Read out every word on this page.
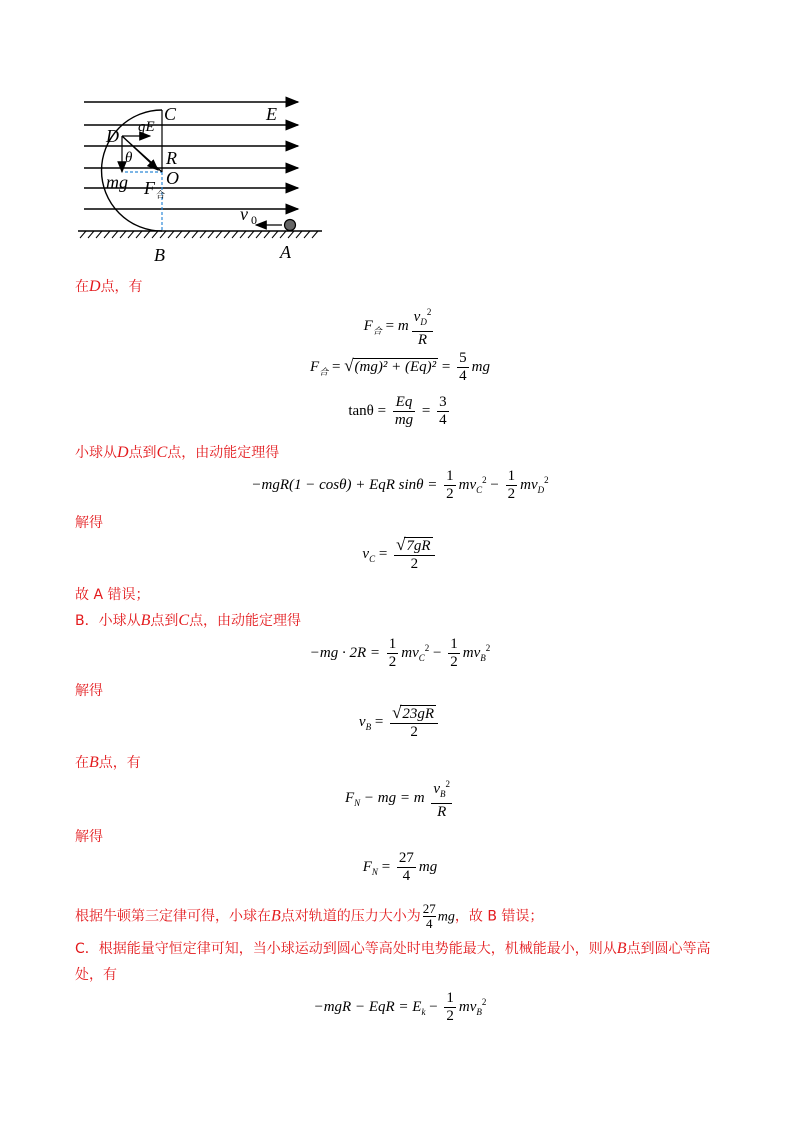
C	E
D qE
θ R
mg O
F 合
v 0
A
B
在D点，有
$F_合 = m \frac{v_D^2}{R}$
$F_合 = √(mg)^2 + (Eq)^2 = \frac{5}{4}$ mg
$\tan\theta = \frac{Eq}{mg} = \frac{3}{4}$
小球从D点到C点，由动能定理得
−mgR(1 − cosθ) + EqR $\sin\theta = \frac{1}{2} mv_C^2 - \frac{1}{2} mv_D^2$
解得
$v_C = \frac{√7gR}{2}$
故 A 错误；
B．小球从B点到C点，由动能定理得
$-mg \cdot 2R = \frac{1}{2} mv_C^2 - \frac{1}{2} mv_B^2$
解得
$v_B = \frac{√23gR}{2}$
在B点，有
$F_N$ − mg = m $\frac{v_B^2}{R}$
解得
$F_N = \frac{27}{4}$ mg
根据牛顿第三定律可得，小球在B点对轨道的压力大小为 $\frac{27}{4}$ mg，故 B 错误；
C．根据能量守恒定律可知，当小球运动到圆心等高处时电势能最大，机械能最小，则从B点到圆心等高处，有
−mgR − EqR = $E_k - \frac{1}{2} mv_B^2$
